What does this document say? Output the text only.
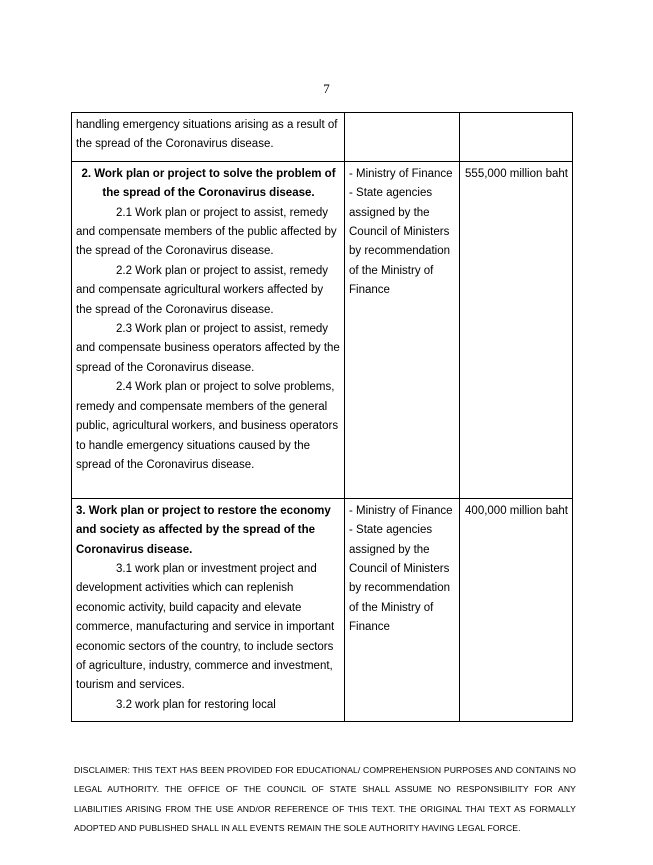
7
handling emergency situations arising as a result of the spread of the Coronavirus disease.		

2. Work plan or project to solve the problem of the spread of the Coronavirus disease.
2.1 Work plan or project to assist, remedy and compensate members of the public affected by the spread of the Coronavirus disease.
2.2 Work plan or project to assist, remedy and compensate agricultural workers affected by the spread of the Coronavirus disease.
2.3 Work plan or project to assist, remedy and compensate business operators affected by the spread of the Coronavirus disease.
2.4 Work plan or project to solve problems, remedy and compensate members of the general public, agricultural workers, and business operators to handle emergency situations caused by the spread of the Coronavirus disease.	- Ministry of Finance
- State agencies assigned by the Council of Ministers by recommendation of the Ministry of Finance	555,000 million baht

3. Work plan or project to restore the economy and society as affected by the spread of the Coronavirus disease.
3.1 work plan or investment project and development activities which can replenish economic activity, build capacity and elevate commerce, manufacturing and service in important economic sectors of the country, to include sectors of agriculture, industry, commerce and investment, tourism and services.
3.2 work plan for restoring local	- Ministry of Finance
- State agencies assigned by the Council of Ministers by recommendation of the Ministry of Finance	400,000 million baht
DISCLAIMER: THIS TEXT HAS BEEN PROVIDED FOR EDUCATIONAL/ COMPREHENSION PURPOSES AND CONTAINS NO LEGAL AUTHORITY. THE OFFICE OF THE COUNCIL OF STATE SHALL ASSUME NO RESPONSIBILITY FOR ANY LIABILITIES ARISING FROM THE USE AND/OR REFERENCE OF THIS TEXT. THE ORIGINAL THAI TEXT AS FORMALLY ADOPTED AND PUBLISHED SHALL IN ALL EVENTS REMAIN THE SOLE AUTHORITY HAVING LEGAL FORCE.
